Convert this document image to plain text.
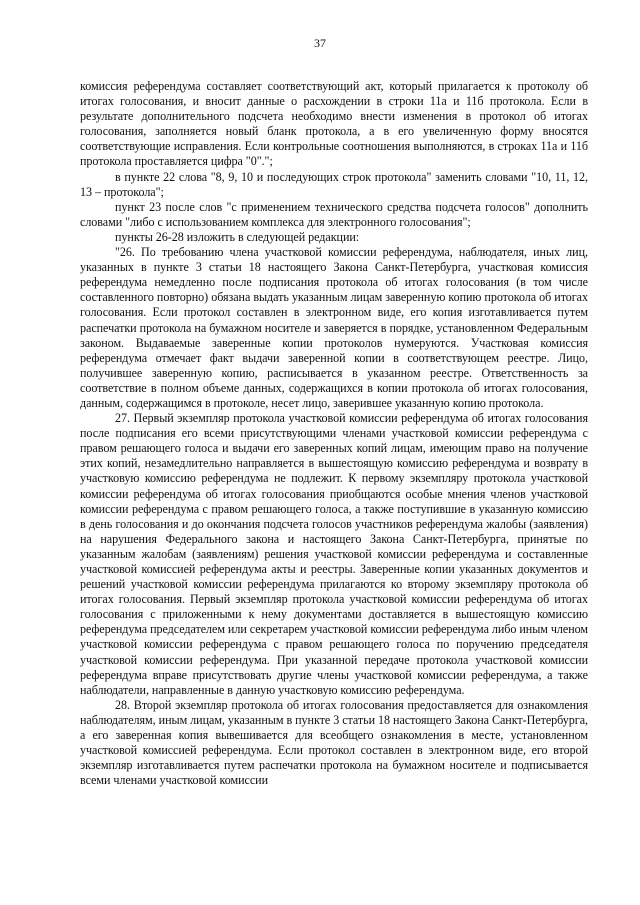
37

комиссия референдума составляет соответствующий акт, который прилагается к протоколу об итогах голосования, и вносит данные о расхождении в строки 11а и 11б протокола. Если в результате дополнительного подсчета необходимо внести изменения в протокол об итогах голосования, заполняется новый бланк протокола, а в его увеличенную форму вносятся соответствующие исправления. Если контрольные соотношения выполняются, в строках 11а и 11б протокола проставляется цифра "0".";

в пункте 22 слова "8, 9, 10 и последующих строк протокола" заменить словами "10, 11, 12, 13 – протокола";

пункт 23 после слов "с применением технического средства подсчета голосов" дополнить словами "либо с использованием комплекса для электронного голосования";

пункты 26-28 изложить в следующей редакции:

"26. По требованию члена участковой комиссии референдума, наблюдателя, иных лиц, указанных в пункте 3 статьи 18 настоящего Закона Санкт-Петербурга, участковая комиссия референдума немедленно после подписания протокола об итогах голосования (в том числе составленного повторно) обязана выдать указанным лицам заверенную копию протокола об итогах голосования. Если протокол составлен в электронном виде, его копия изготавливается путем распечатки протокола на бумажном носителе и заверяется в порядке, установленном Федеральным законом. Выдаваемые заверенные копии протоколов нумеруются. Участковая комиссия референдума отмечает факт выдачи заверенной копии в соответствующем реестре. Лицо, получившее заверенную копию, расписывается в указанном реестре. Ответственность за соответствие в полном объеме данных, содержащихся в копии протокола об итогах голосования, данным, содержащимся в протоколе, несет лицо, заверившее указанную копию протокола.

27. Первый экземпляр протокола участковой комиссии референдума об итогах голосования после подписания его всеми присутствующими членами участковой комиссии референдума с правом решающего голоса и выдачи его заверенных копий лицам, имеющим право на получение этих копий, незамедлительно направляется в вышестоящую комиссию референдума и возврату в участковую комиссию референдума не подлежит. К первому экземпляру протокола участковой комиссии референдума об итогах голосования приобщаются особые мнения членов участковой комиссии референдума с правом решающего голоса, а также поступившие в указанную комиссию в день голосования и до окончания подсчета голосов участников референдума жалобы (заявления) на нарушения Федерального закона и настоящего Закона Санкт-Петербурга, принятые по указанным жалобам (заявлениям) решения участковой комиссии референдума и составленные участковой комиссией референдума акты и реестры. Заверенные копии указанных документов и решений участковой комиссии референдума прилагаются ко второму экземпляру протокола об итогах голосования. Первый экземпляр протокола участковой комиссии референдума об итогах голосования с приложенными к нему документами доставляется в вышестоящую комиссию референдума председателем или секретарем участковой комиссии референдума либо иным членом участковой комиссии референдума с правом решающего голоса по поручению председателя участковой комиссии референдума. При указанной передаче протокола участковой комиссии референдума вправе присутствовать другие члены участковой комиссии референдума, а также наблюдатели, направленные в данную участковую комиссию референдума.

28. Второй экземпляр протокола об итогах голосования предоставляется для ознакомления наблюдателям, иным лицам, указанным в пункте 3 статьи 18 настоящего Закона Санкт-Петербурга, а его заверенная копия вывешивается для всеобщего ознакомления в месте, установленном участковой комиссией референдума. Если протокол составлен в электронном виде, его второй экземпляр изготавливается путем распечатки протокола на бумажном носителе и подписывается всеми членами участковой комиссии
